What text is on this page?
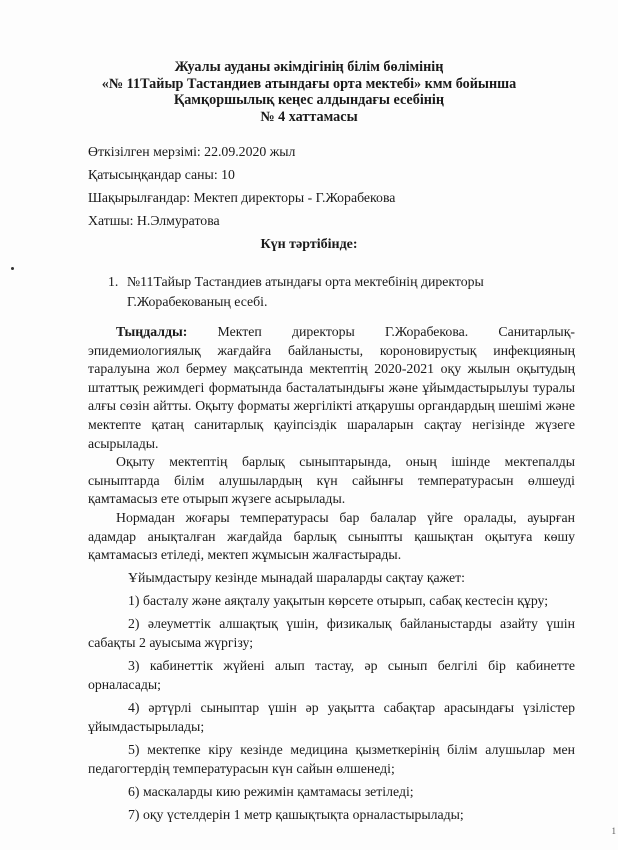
Жуалы ауданы әкімдігінің білім бөлімінің
«№ 11Тайыр Тастандиев атындағы орта мектебі» кмм бойынша
Қамқоршылық кеңес алдындағы есебінің
№ 4 хаттамасы
Өткізілген мерзімі: 22.09.2020 жыл
Қатысыңқандар саны: 10
Шақырылғандар: Мектеп директоры - Г.Жорабекова
Хатшы: Н.Элмуратова
Күн тәртібінде:
1. №11Тайыр Тастандиев атындағы орта мектебінің директоры
Г.Жорабекованың есебі.

Тыңдалды: Мектеп директоры Г.Жорабекова. Санитарлық-эпидемиологиялық жағдайға байланысты, короновирустық инфекцияның таралуына жол бермеу мақсатында мектептің 2020-2021 оқу жылын оқытудың штаттық режимдегі форматында басталатындығы және ұйымдастырылуы туралы алғы сөзін айтты. Оқыту форматы жергілікті атқарушы органдардың шешімі және мектепте қатаң санитарлық қауіпсіздік шараларын сақтау негізінде жүзеге асырылады.

Оқыту мектептің барлық сыныптарында, оның ішінде мектепалды сыныптарда білім алушылардың күн сайынғы температурасын өлшеуді қамтамасыз ете отырып жүзеге асырылады.

Нормадан жоғары температурасы бар балалар үйге оралады, ауырған адамдар анықталған жағдайда барлық сыныпты қашықтан оқытуға көшу қамтамасыз етіледі, мектеп жұмысын жалғастырады.

Ұйымдастыру кезінде мынадай шараларды сақтау қажет:
1) басталу және аяқталу уақытын көрсете отырып, сабақ кестесін құру;
2) әлеуметтік алшақтық үшін, физикалық байланыстарды азайту үшін сабақты 2 ауысыма жүргізу;
3) кабинеттік жүйені алып тастау, әр сынып белгілі бір кабинетте орналасады;
4) әртүрлі сыныптар үшін әр уақытта сабақтар арасындағы үзілістер ұйымдастырылады;
5) мектепке кіру кезінде медицина қызметкерінің білім алушылар мен педагогтердің температурасын күн сайын өлшенеді;
6) маскаларды кию режимін қамтамасы зетіледі;
7) оқу үстелдерін 1 метр қашықтықта орналастырылады;
1
